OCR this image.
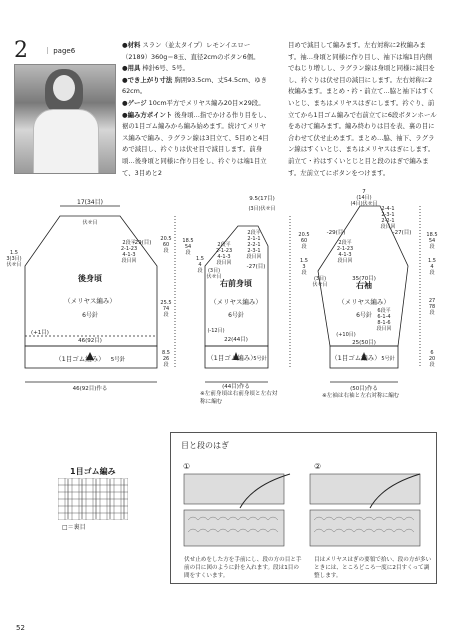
2 ｜ page6

●材料 スラン（並太タイプ）レモンイエロー（2189）360g＝8玉、直径2cmのボタン6個。

●用具 棒針6号、5号。

●でき上がり寸法 胸囲93.5cm、丈54.5cm、ゆき62cm。

●ゲージ 10cm平方でメリヤス編み20目×29段。

●編み方ポイント 後身頃…指でかける作り目をし、裾の1目ゴム編みから編み始めます。続けてメリヤス編みで編み、ラグラン線は3目立て、5目めと4目めで減目し、衿ぐりは伏せ目で減目します。前身頃…後身頃と同様に作り目をし、衿ぐりは端1目立て、3目めと2

目めで減目して編みます。左右対称に2枚編みます。袖…身頃と同様に作り目し、袖下は端1目内側でねじり増しし、ラグラン線は身頃と同様に減目をし、衿ぐりは伏せ目の減目にします。左右対称に2枚編みます。まとめ・衿・前立て…脇と袖下はすくいとじ、まちはメリヤスはぎにします。衿ぐり、前立てから1目ゴム編みで右前立てに6段ボタンホールをあけて編みます。編み終わりは目を表、裏の目に合わせて伏せ止めます。まとめ…脇、袖下、ラグラン線はすくいとじ、まちはメリヤスはぎにします。前立て・衿はすくいとじと目と段のはぎで編みます。左前立てにボタンをつけます。

後身頃
（メリヤス編み）
6号針
（1目ゴム編み） 5号針
17(34目)
伏せ目
46(92目)
(+1目)
46(92目)作る
-29(目)
2段平
2-1-23
4-1-3
段目回
1.5
3(3目)
伏せ目
20.5
60
段
25.5
74
段
8.5
26
段
右前身頃
（メリヤス編み）
6号針
（1目ゴム編み）
5号針
22(44目)
(44目)作る
9.5(17目)
(3目)伏せ目
-27(目)
2段平
2-1-23
4-1-3
段目回
2段平
2-1-1
2-2-1
2-3-1
段目回
18.5
54
段
1.5
4
段 (3目)
伏せ目
(-12目)
右袖
（メリヤス編み）
6号針
（1目ゴム編み） 5号針
7
(14目)
(4目)伏せ目
35(70目)
25(50目)
(50目)作る
-29(目)	-27(目)
2-4-1
2-3-1
2-2-1
段目回
2段平
2-1-23
4-1-3
段目回
6段平
6-1-4
8-1-6
段目回
(+10目)
20.5
60
段
1.5
3
段
(3目)
伏せ目
18.5
54
段
1.5
4
段
27
78
段
6
20
段
※左前身頃は右前身頃と左右対称に編む
※左袖は右袖と左右対称に編む
1目ゴム編み
□＝裏目
目と段のはぎ
①	②
伏せ止めをした方を手前にし、段の方の目と手前の目に図のように針を入れます。段は1目の間をすくいます。
目はメリヤスはぎの要領で拾い、段の方が多いときには、ところどころ一度に2目すくって調整します。
52
